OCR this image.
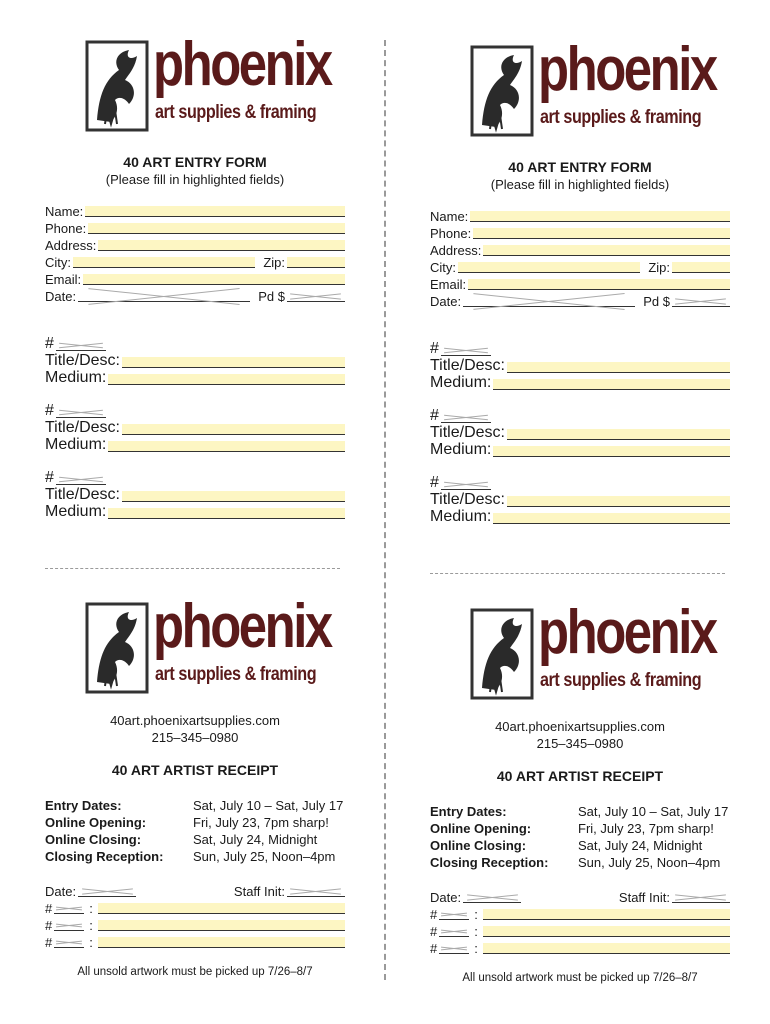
phoenix
art supplies & framing
40 ART ENTRY FORM
(Please fill in highlighted fields)
Name:
Phone:
Address:
City:	Zip:
Email:
Date:	Pd $
#
Title/Desc:
Medium:
#
Title/Desc:
Medium:
#
Title/Desc:
Medium:
phoenix
art supplies & framing
40 ART ENTRY FORM
(Please fill in highlighted fields)
Name:
Phone:
Address:
City:	Zip:
Email:
Date:	Pd $
#
Title/Desc:
Medium:
#
Title/Desc:
Medium:
#
Title/Desc:
Medium:
phoenix
art supplies & framing
40art.phoenixartsupplies.com
215–345–0980
40 ART ARTIST RECEIPT
Entry Dates:	Sat, July 10 – Sat, July 17
Online Opening:	Fri, July 23, 7pm sharp!
Online Closing:	Sat, July 24, Midnight
Closing Reception:	Sun, July 25, Noon–4pm
Date:	Staff Init:
#	:
#	:
#	:
All unsold artwork must be picked up 7/26–8/7
phoenix
art supplies & framing
40art.phoenixartsupplies.com
215–345–0980
40 ART ARTIST RECEIPT
Entry Dates:	Sat, July 10 – Sat, July 17
Online Opening:	Fri, July 23, 7pm sharp!
Online Closing:	Sat, July 24, Midnight
Closing Reception:	Sun, July 25, Noon–4pm
Date:	Staff Init:
#	:
#	:
#	:
All unsold artwork must be picked up 7/26–8/7
